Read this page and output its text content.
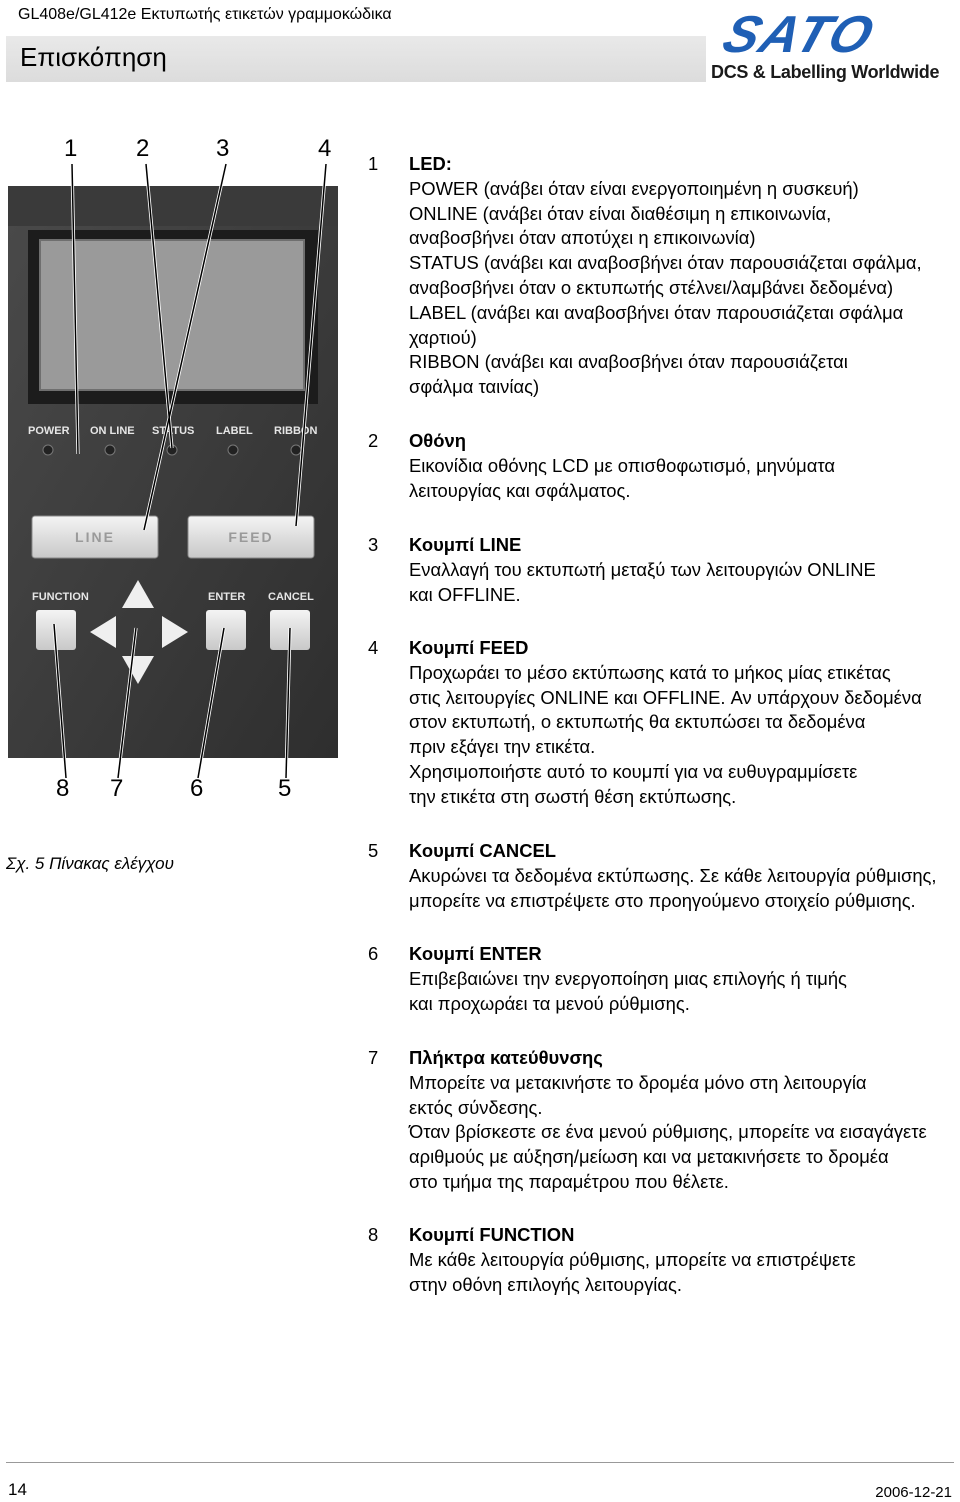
GL408e/GL412e Εκτυπωτής ετικετών γραμμοκώδικα
Επισκόπηση	SATO
DCS & Labelling Worldwide
1 2	3	4
POWER ON LINE STATUS LABEL RIBBON
LINE	FEED
FUNCTION	ENTER CANCEL
8 7	6	5
Σχ. 5 Πίνακας ελέγχου
1 LED:
POWER (ανάβει όταν είναι ενεργοποιημένη η συσκευή)
ONLINE (ανάβει όταν είναι διαθέσιμη η επικοινωνία,
αναβοσβήνει όταν αποτύχει η επικοινωνία)
STATUS (ανάβει και αναβοσβήνει όταν παρουσιάζεται σφάλμα,
αναβοσβήνει όταν ο εκτυπωτής στέλνει/λαμβάνει δεδομένα)
LABEL (ανάβει και αναβοσβήνει όταν παρουσιάζεται σφάλμα
χαρτιού)
RIBBON (ανάβει και αναβοσβήνει όταν παρουσιάζεται
σφάλμα ταινίας)
2 Οθόνη
Εικονίδια οθόνης LCD με οπισθοφωτισμό, μηνύματα
λειτουργίας και σφάλματος.
3 Κουμπί LINE
Εναλλαγή του εκτυπωτή μεταξύ των λειτουργιών ONLINE
και OFFLINE.
4 Κουμπί FEED
Προχωράει το μέσο εκτύπωσης κατά το μήκος μίας ετικέτας
στις λειτουργίες ONLINE και OFFLINE. Αν υπάρχουν δεδομένα
στον εκτυπωτή, ο εκτυπωτής θα εκτυπώσει τα δεδομένα
πριν εξάγει την ετικέτα.
Χρησιμοποιήστε αυτό το κουμπί για να ευθυγραμμίσετε
την ετικέτα στη σωστή θέση εκτύπωσης.
5 Κουμπί CANCEL
Ακυρώνει τα δεδομένα εκτύπωσης. Σε κάθε λειτουργία ρύθμισης,
μπορείτε να επιστρέψετε στο προηγούμενο στοιχείο ρύθμισης.
6 Κουμπί ENTER
Επιβεβαιώνει την ενεργοποίηση μιας επιλογής ή τιμής
και προχωράει τα μενού ρύθμισης.
7 Πλήκτρα κατεύθυνσης
Μπορείτε να μετακινήστε το δρομέα μόνο στη λειτουργία
εκτός σύνδεσης.
Όταν βρίσκεστε σε ένα μενού ρύθμισης, μπορείτε να εισαγάγετε
αριθμούς με αύξηση/μείωση και να μετακινήσετε το δρομέα
στο τμήμα της παραμέτρου που θέλετε.
8 Κουμπί FUNCTION
Με κάθε λειτουργία ρύθμισης, μπορείτε να επιστρέψετε
στην οθόνη επιλογής λειτουργίας.
14	2006-12-21
